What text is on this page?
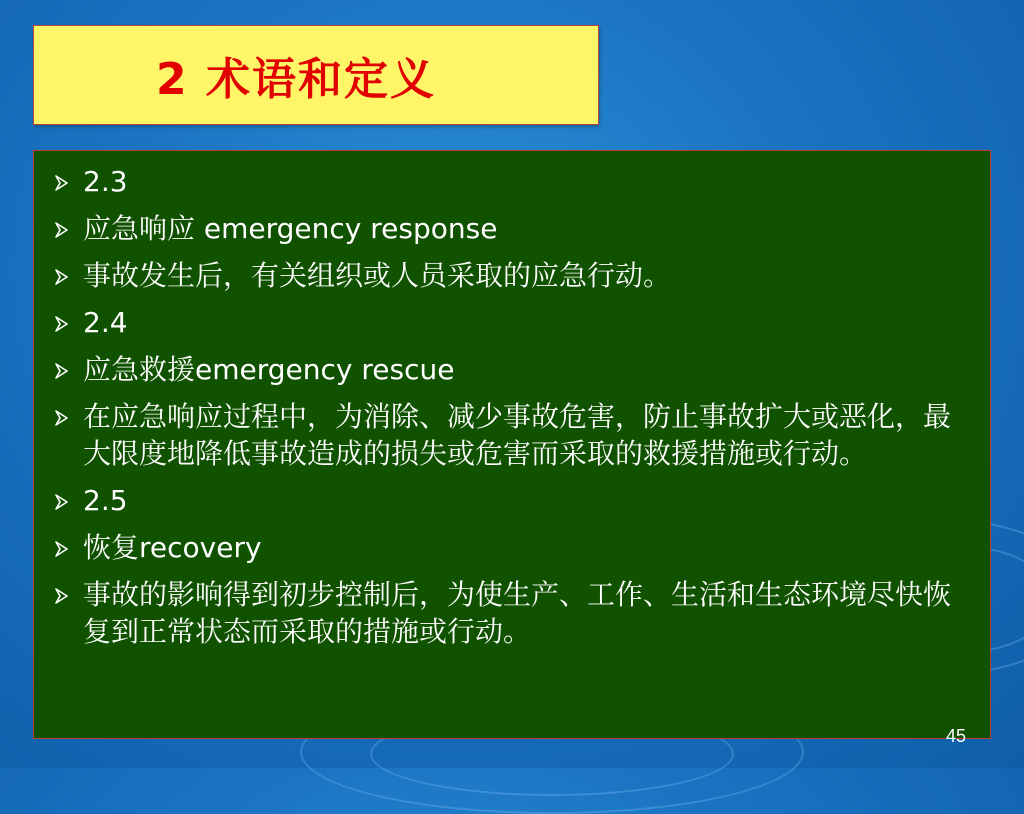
2 术语和定义
2.3
应急响应 emergency response
事故发生后，有关组织或人员采取的应急行动。
2.4
应急救援emergency rescue
在应急响应过程中，为消除、减少事故危害，防止事故扩大或恶化，最大限度地降低事故造成的损失或危害而采取的救援措施或行动。
2.5
恢复recovery
事故的影响得到初步控制后，为使生产、工作、生活和生态环境尽快恢复到正常状态而采取的措施或行动。
45
